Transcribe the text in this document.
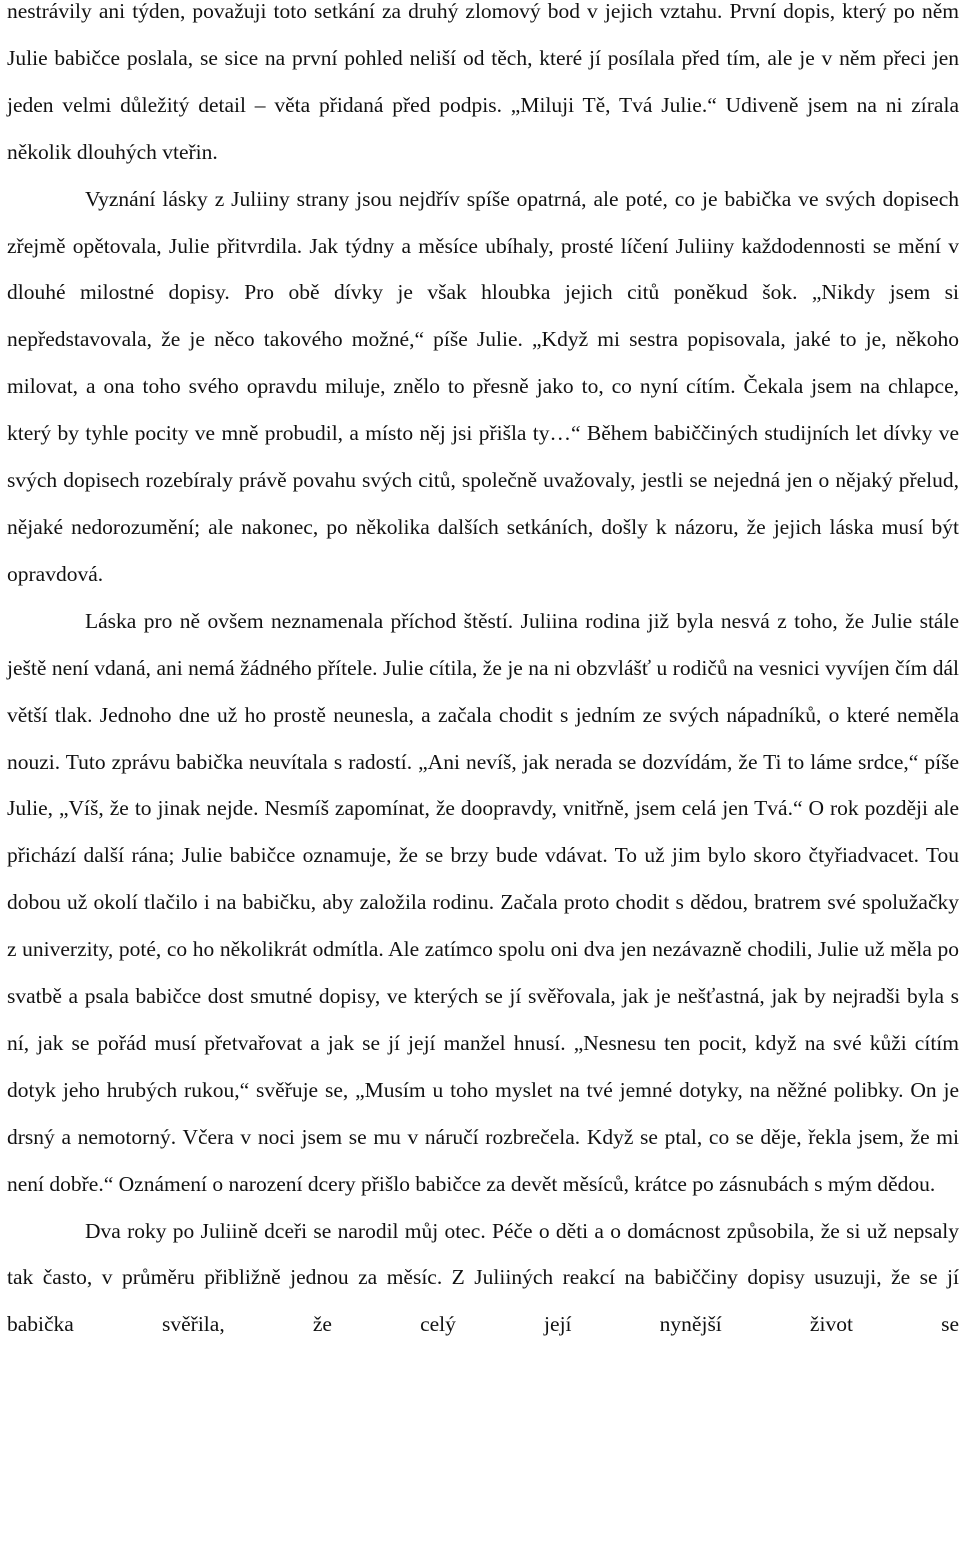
nestrávily ani týden, považuji toto setkání za druhý zlomový bod v jejich vztahu. První dopis, který po něm Julie babičce poslala, se sice na první pohled neliší od těch, které jí posílala před tím, ale je v něm přeci jen jeden velmi důležitý detail – věta přidaná před podpis. „Miluji Tě, Tvá Julie.“ Udiveně jsem na ni zírala několik dlouhých vteřin.

Vyznání lásky z Juliiny strany jsou nejdřív spíše opatrná, ale poté, co je babička ve svých dopisech zřejmě opětovala, Julie přitvrdila. Jak týdny a měsíce ubíhaly, prosté líčení Juliiny každodennosti se mění v dlouhé milostné dopisy. Pro obě dívky je však hloubka jejich citů poněkud šok. „Nikdy jsem si nepředstavovala, že je něco takového možné,“ píše Julie. „Když mi sestra popisovala, jaké to je, někoho milovat, a ona toho svého opravdu miluje, znělo to přesně jako to, co nyní cítím. Čekala jsem na chlapce, který by tyhle pocity ve mně probudil, a místo něj jsi přišla ty…“ Během babiččiných studijních let dívky ve svých dopisech rozebíraly právě povahu svých citů, společně uvažovaly, jestli se nejedná jen o nějaký přelud, nějaké nedorozumění; ale nakonec, po několika dalších setkáních, došly k názoru, že jejich láska musí být opravdová.

Láska pro ně ovšem neznamenala příchod štěstí. Juliina rodina již byla nesvá z toho, že Julie stále ještě není vdaná, ani nemá žádného přítele. Julie cítila, že je na ni obzvlášť u rodičů na vesnici vyvíjen čím dál větší tlak. Jednoho dne už ho prostě neunesla, a začala chodit s jedním ze svých nápadníků, o které neměla nouzi. Tuto zprávu babička neuvítala s radostí. „Ani nevíš, jak nerada se dozvídám, že Ti to láme srdce,“ píše Julie, „Víš, že to jinak nejde. Nesmíš zapomínat, že doopravdy, vnitřně, jsem celá jen Tvá.“ O rok později ale přichází další rána; Julie babičce oznamuje, že se brzy bude vdávat. To už jim bylo skoro čtyřiadvacet. Tou dobou už okolí tlačilo i na babičku, aby založila rodinu. Začala proto chodit s dědou, bratrem své spolužačky z univerzity, poté, co ho několikrát odmítla. Ale zatímco spolu oni dva jen nezávazně chodili, Julie už měla po svatbě a psala babičce dost smutné dopisy, ve kterých se jí svěřovala, jak je nešťastná, jak by nejradši byla s ní, jak se pořád musí přetvařovat a jak se jí její manžel hnusí. „Nesnesu ten pocit, když na své kůži cítím dotyk jeho hrubých rukou,“ svěřuje se, „Musím u toho myslet na tvé jemné dotyky, na něžné polibky. On je drsný a nemotorný. Včera v noci jsem se mu v náručí rozbrečela. Když se ptal, co se děje, řekla jsem, že mi není dobře.“ Oznámení o narození dcery přišlo babičce za devět měsíců, krátce po zásnubách s mým dědou.

Dva roky po Juliině dceři se narodil můj otec. Péče o děti a o domácnost způsobila, že si už nepsaly tak často, v průměru přibližně jednou za měsíc. Z Juliiných reakcí na babiččiny dopisy usuzuji, že se jí babička svěřila, že celý její nynější život se
